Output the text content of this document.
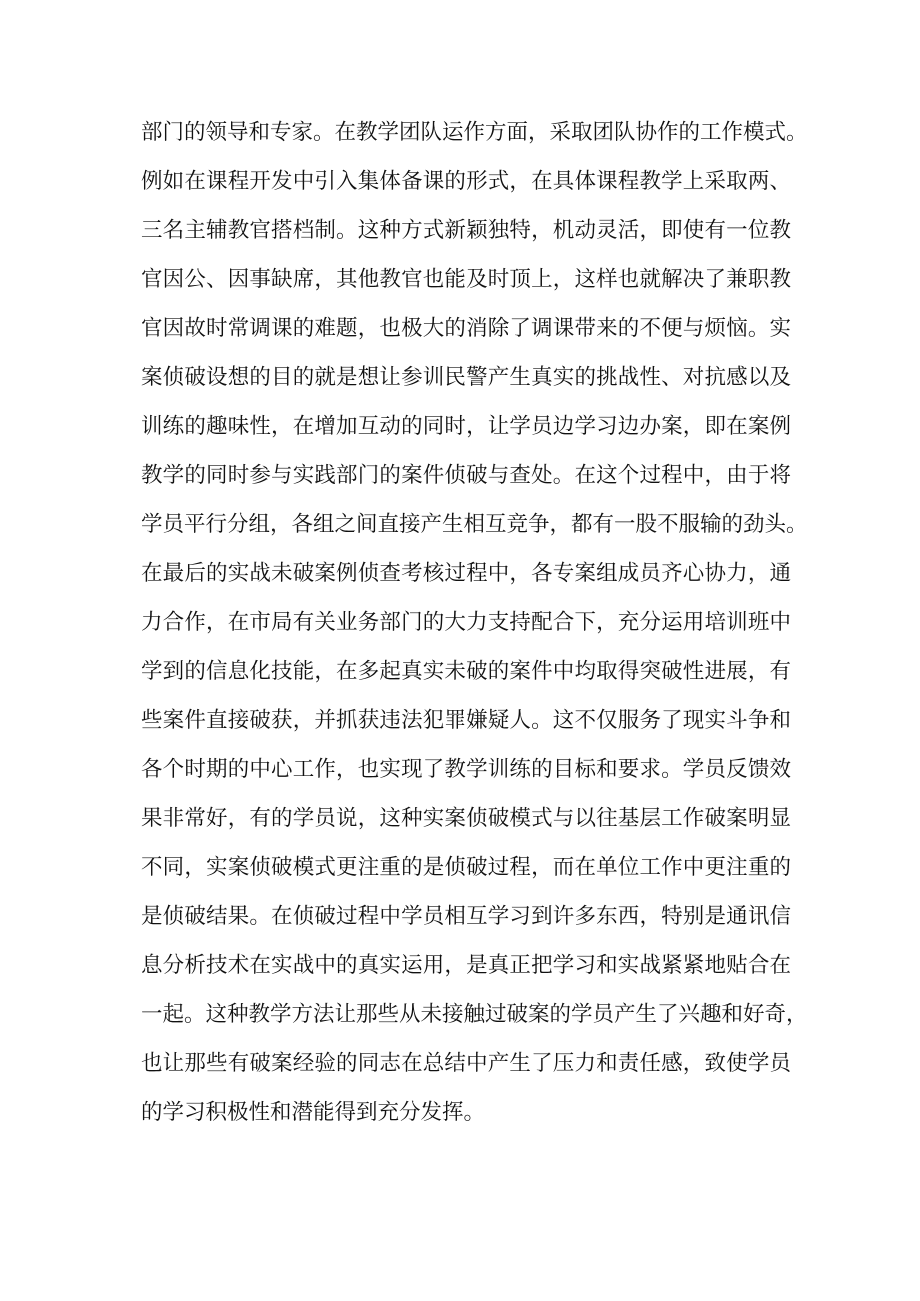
部门的领导和专家。在教学团队运作方面，采取团队协作的工作模式。
例如在课程开发中引入集体备课的形式，在具体课程教学上采取两、
三名主辅教官搭档制。这种方式新颖独特，机动灵活，即使有一位教
官因公、因事缺席，其他教官也能及时顶上，这样也就解决了兼职教
官因故时常调课的难题，也极大的消除了调课带来的不便与烦恼。实
案侦破设想的目的就是想让参训民警产生真实的挑战性、对抗感以及
训练的趣味性，在增加互动的同时，让学员边学习边办案，即在案例
教学的同时参与实践部门的案件侦破与查处。在这个过程中，由于将
学员平行分组，各组之间直接产生相互竞争，都有一股不服输的劲头。
在最后的实战未破案例侦查考核过程中，各专案组成员齐心协力，通
力合作，在市局有关业务部门的大力支持配合下，充分运用培训班中
学到的信息化技能，在多起真实未破的案件中均取得突破性进展，有
些案件直接破获，并抓获违法犯罪嫌疑人。这不仅服务了现实斗争和
各个时期的中心工作，也实现了教学训练的目标和要求。学员反馈效
果非常好，有的学员说，这种实案侦破模式与以往基层工作破案明显
不同，实案侦破模式更注重的是侦破过程，而在单位工作中更注重的
是侦破结果。在侦破过程中学员相互学习到许多东西，特别是通讯信
息分析技术在实战中的真实运用，是真正把学习和实战紧紧地贴合在
一起。这种教学方法让那些从未接触过破案的学员产生了兴趣和好奇，
也让那些有破案经验的同志在总结中产生了压力和责任感，致使学员
的学习积极性和潜能得到充分发挥。
